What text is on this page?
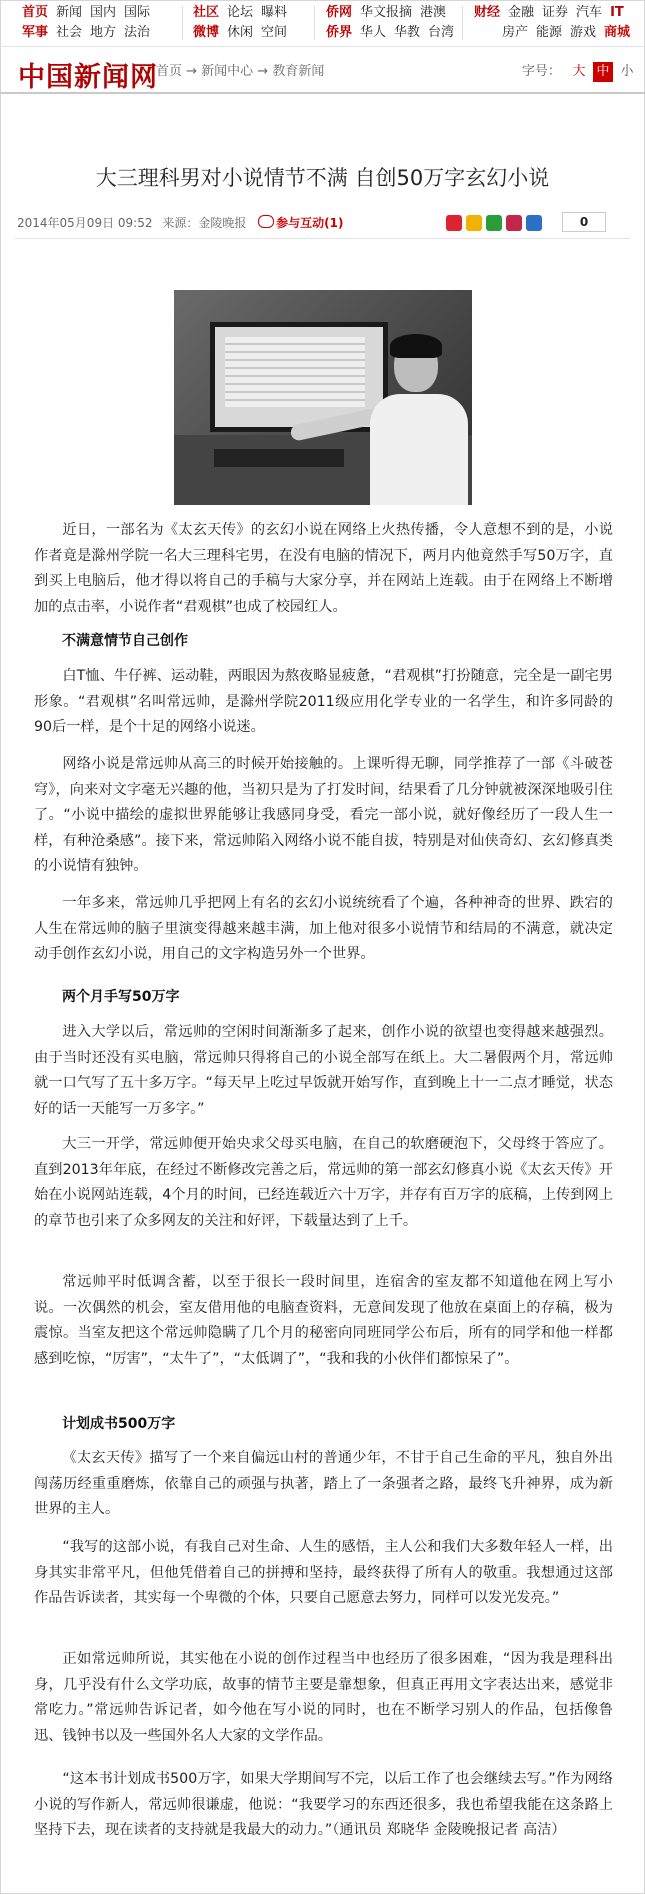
首页 新闻 国内 国际
军事 社会 地方 法治
社区 论坛 曝料
微博 休闲 空间
侨网 华文报摘 港澳
侨界 华人 华教 台湾
财经 金融 证券 汽车 IT
房产 能源 游戏 商城
中国新闻网
首页 → 新闻中心 → 教育新闻	字号： 大 中 小
大三理科男对小说情节不满 自创50万字玄幻小说
2014年05月09日 09:52 来源：金陵晚报 参与互动(1)	0

近日，一部名为《太玄天传》的玄幻小说在网络上火热传播，令人意想不到的是，小说作者竟是滁州学院一名大三理科宅男，在没有电脑的情况下，两月内他竟然手写50万字，直到买上电脑后，他才得以将自己的手稿与大家分享，并在网站上连载。由于在网络上不断增加的点击率，小说作者“君观棋”也成了校园红人。

不满意情节自己创作

白T恤、牛仔裤、运动鞋，两眼因为熬夜略显疲惫，“君观棋”打扮随意，完全是一副宅男形象。“君观棋”名叫常远帅，是滁州学院2011级应用化学专业的一名学生，和许多同龄的90后一样，是个十足的网络小说迷。

网络小说是常远帅从高三的时候开始接触的。上课听得无聊，同学推荐了一部《斗破苍穹》，向来对文字毫无兴趣的他，当初只是为了打发时间，结果看了几分钟就被深深地吸引住了。“小说中描绘的虚拟世界能够让我感同身受，看完一部小说，就好像经历了一段人生一样，有种沧桑感”。接下来，常远帅陷入网络小说不能自拔，特别是对仙侠奇幻、玄幻修真类的小说情有独钟。

一年多来，常远帅几乎把网上有名的玄幻小说统统看了个遍，各种神奇的世界、跌宕的人生在常远帅的脑子里演变得越来越丰满，加上他对很多小说情节和结局的不满意，就决定动手创作玄幻小说，用自己的文字构造另外一个世界。

两个月手写50万字

进入大学以后，常远帅的空闲时间渐渐多了起来，创作小说的欲望也变得越来越强烈。由于当时还没有买电脑，常远帅只得将自己的小说全部写在纸上。大二暑假两个月，常远帅就一口气写了五十多万字。“每天早上吃过早饭就开始写作，直到晚上十一二点才睡觉，状态好的话一天能写一万多字。”

大三一开学，常远帅便开始央求父母买电脑，在自己的软磨硬泡下，父母终于答应了。直到2013年年底，在经过不断修改完善之后，常远帅的第一部玄幻修真小说《太玄天传》开始在小说网站连载，4个月的时间，已经连载近六十万字，并存有百万字的底稿，上传到网上的章节也引来了众多网友的关注和好评，下载量达到了上千。

常远帅平时低调含蓄，以至于很长一段时间里，连宿舍的室友都不知道他在网上写小说。一次偶然的机会，室友借用他的电脑查资料，无意间发现了他放在桌面上的存稿，极为震惊。当室友把这个常远帅隐瞒了几个月的秘密向同班同学公布后，所有的同学和他一样都感到吃惊，“厉害”，“太牛了”，“太低调了”，“我和我的小伙伴们都惊呆了”。

计划成书500万字

《太玄天传》描写了一个来自偏远山村的普通少年，不甘于自己生命的平凡，独自外出闯荡历经重重磨炼，依靠自己的顽强与执著，踏上了一条强者之路，最终飞升神界，成为新世界的主人。

“我写的这部小说，有我自己对生命、人生的感悟，主人公和我们大多数年轻人一样，出身其实非常平凡，但他凭借着自己的拼搏和坚持，最终获得了所有人的敬重。我想通过这部作品告诉读者，其实每一个卑微的个体，只要自己愿意去努力，同样可以发光发亮。”

正如常远帅所说，其实他在小说的创作过程当中也经历了很多困难，“因为我是理科出身，几乎没有什么文学功底，故事的情节主要是靠想象，但真正再用文字表达出来，感觉非常吃力。”常远帅告诉记者，如今他在写小说的同时，也在不断学习别人的作品，包括像鲁迅、钱钟书以及一些国外名人大家的文学作品。

“这本书计划成书500万字，如果大学期间写不完，以后工作了也会继续去写。”作为网络小说的写作新人，常远帅很谦虚，他说：“我要学习的东西还很多，我也希望我能在这条路上坚持下去，现在读者的支持就是我最大的动力。”（通讯员 郑晓华 金陵晚报记者 高洁）
